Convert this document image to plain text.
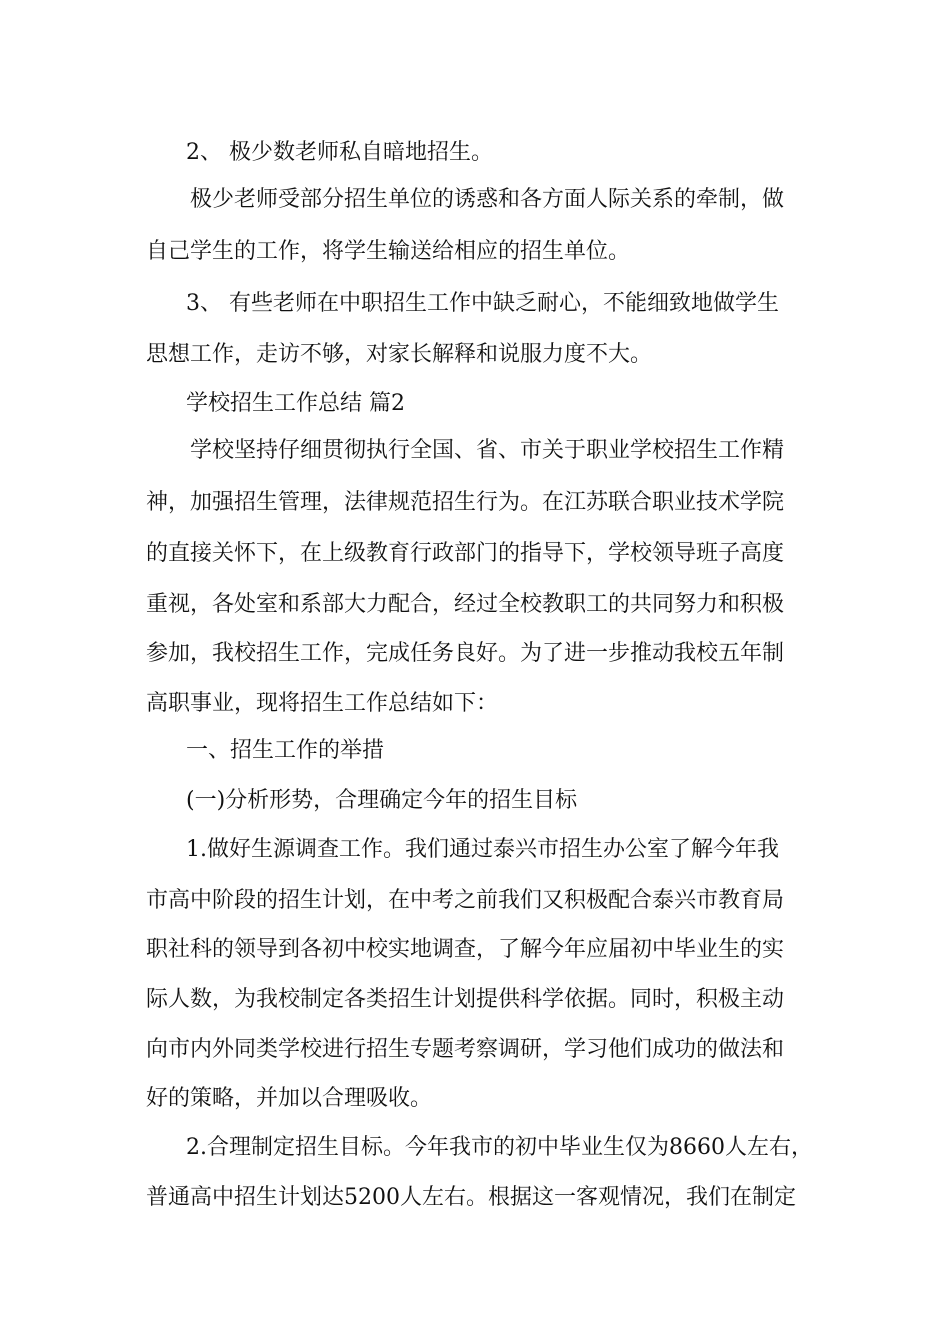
2、 极少数老师私自暗地招生。
极少老师受部分招生单位的诱惑和各方面人际关系的牵制，做
自己学生的工作，将学生输送给相应的招生单位。
3、 有些老师在中职招生工作中缺乏耐心，不能细致地做学生
思想工作，走访不够，对家长解释和说服力度不大。
学校招生工作总结 篇2
学校坚持仔细贯彻执行全国、省、市关于职业学校招生工作精
神，加强招生管理，法律规范招生行为。在江苏联合职业技术学院
的直接关怀下，在上级教育行政部门的指导下，学校领导班子高度
重视，各处室和系部大力配合，经过全校教职工的共同努力和积极
参加，我校招生工作，完成任务良好。为了进一步推动我校五年制
高职事业，现将招生工作总结如下：
一、招生工作的举措
(一)分析形势，合理确定今年的招生目标
1.做好生源调查工作。我们通过泰兴市招生办公室了解今年我
市高中阶段的招生计划，在中考之前我们又积极配合泰兴市教育局
职社科的领导到各初中校实地调查，了解今年应届初中毕业生的实
际人数，为我校制定各类招生计划提供科学依据。同时，积极主动
向市内外同类学校进行招生专题考察调研，学习他们成功的做法和
好的策略，并加以合理吸收。
2.合理制定招生目标。今年我市的初中毕业生仅为8660人左右，
普通高中招生计划达5200人左右。根据这一客观情况，我们在制定
